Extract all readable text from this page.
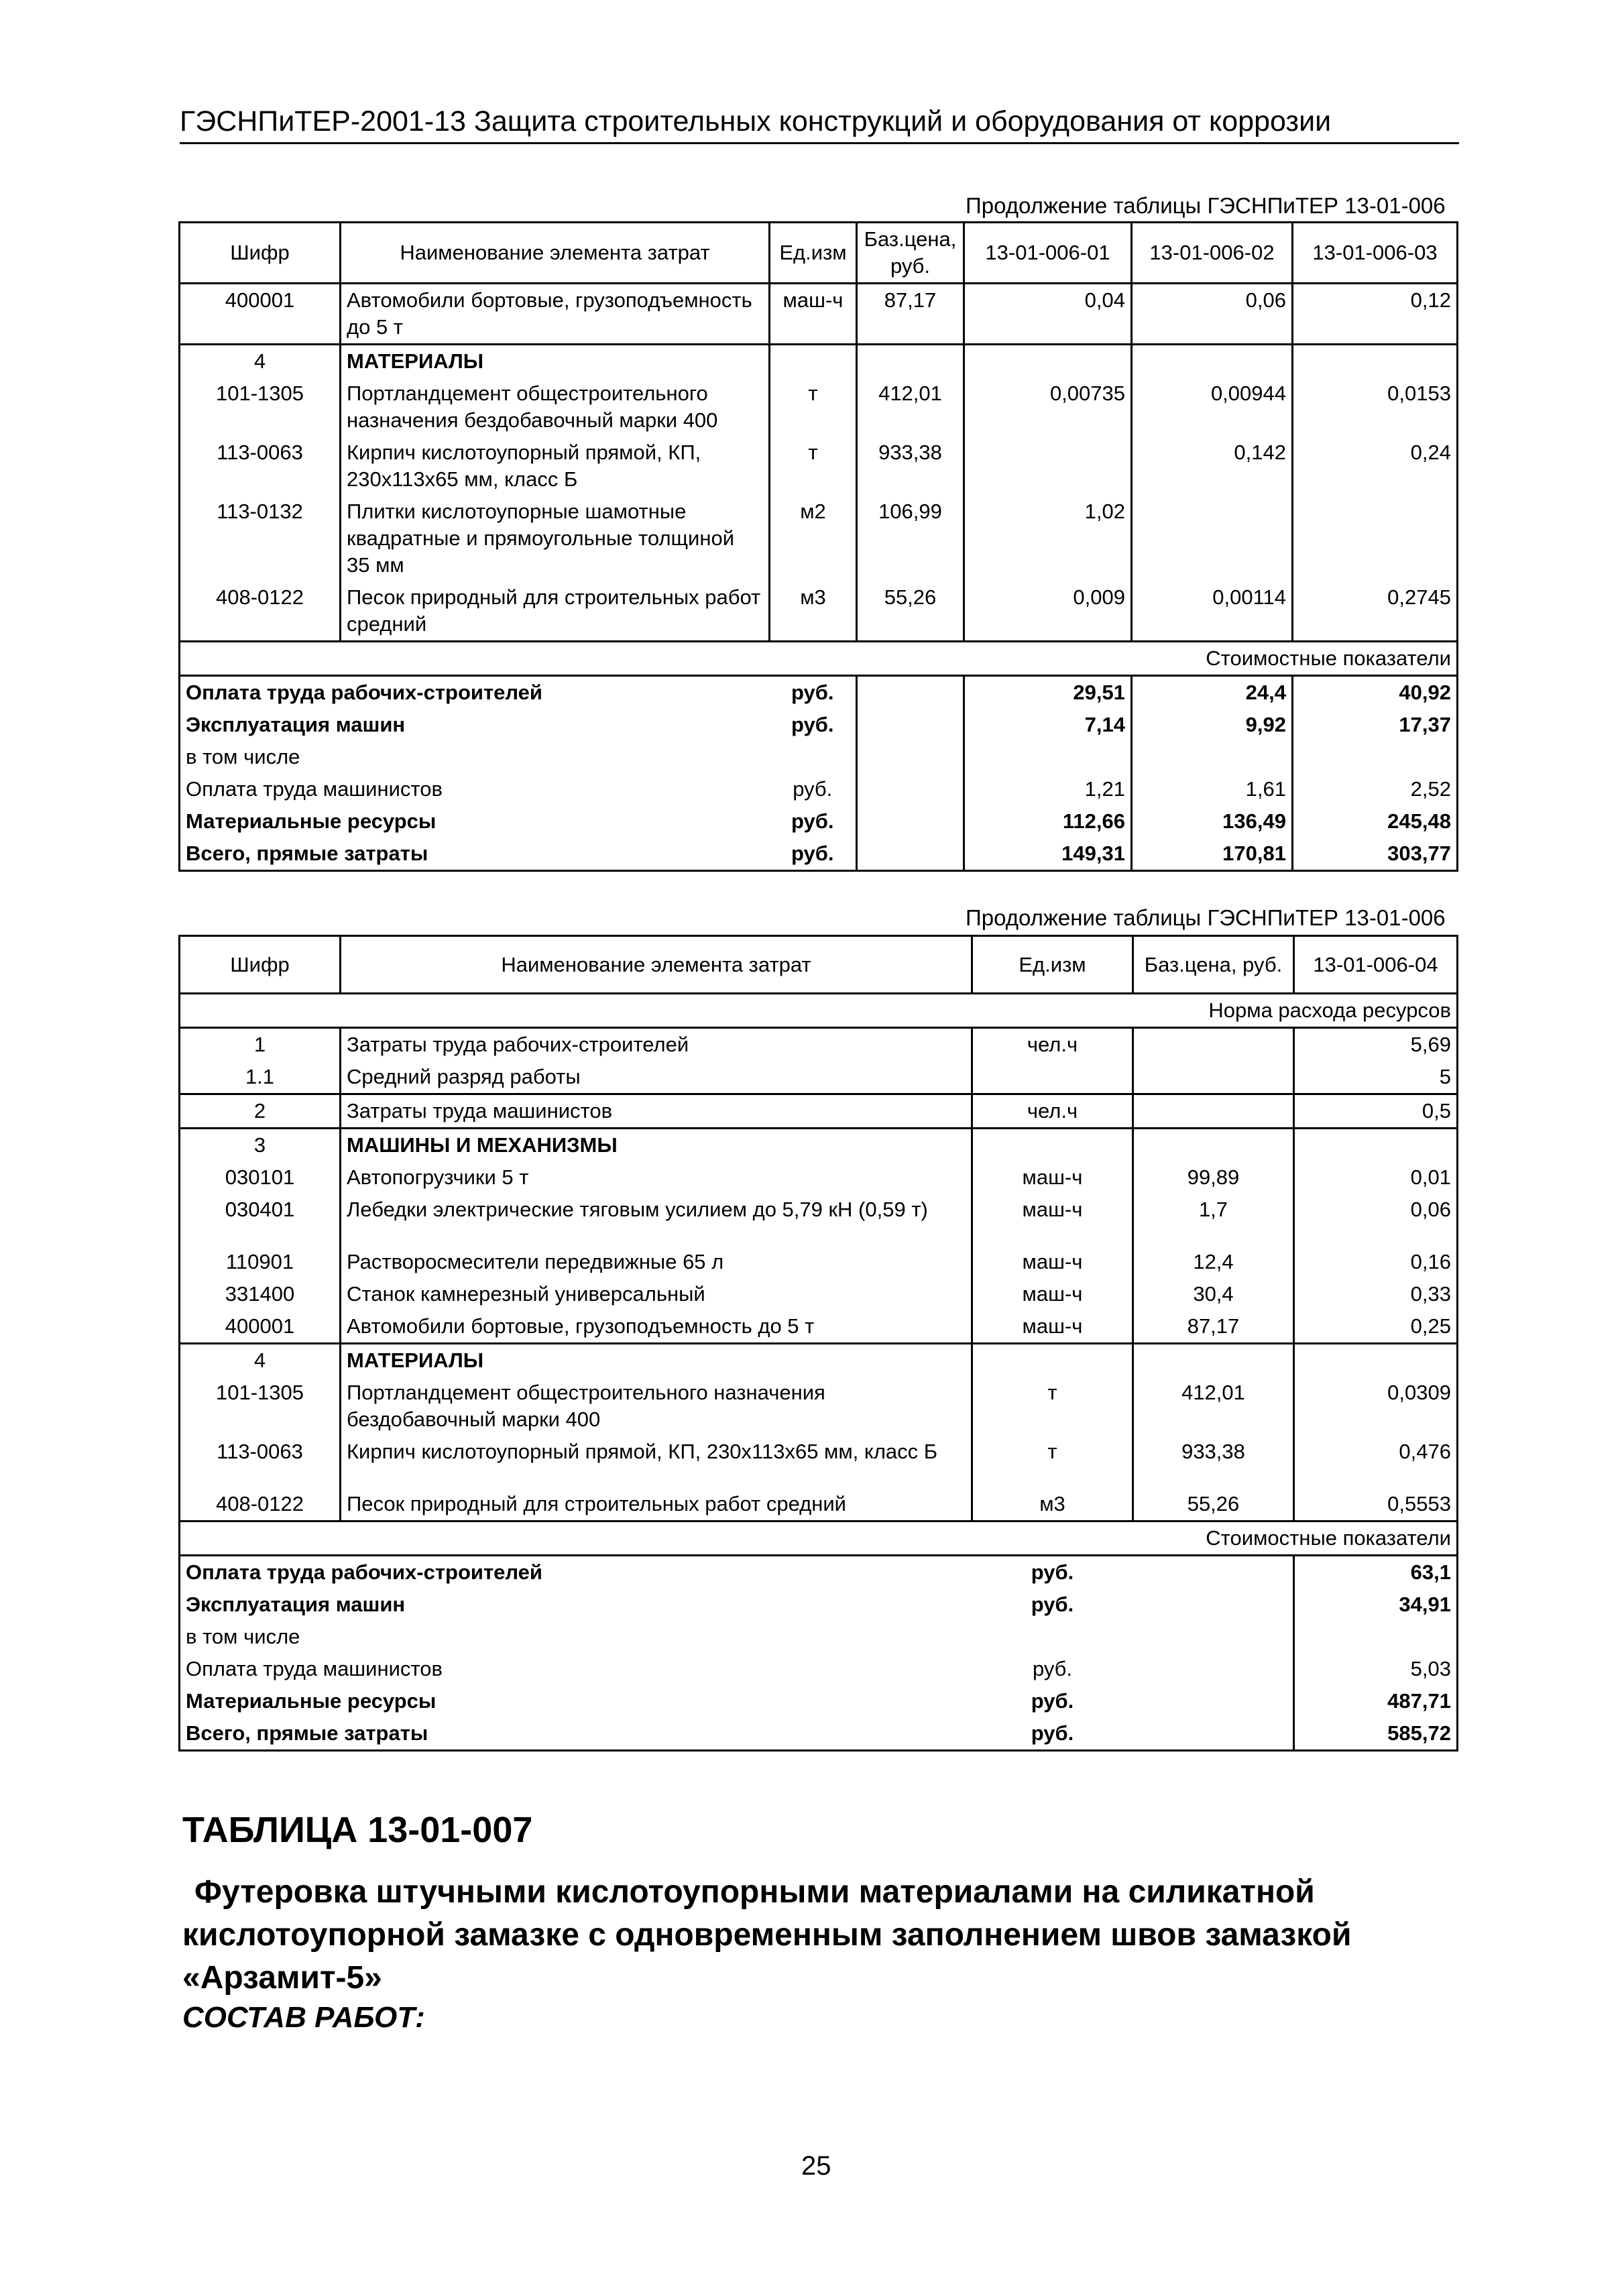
ГЭСНПиТЕР-2001-13 Защита строительных конструкций и оборудования от коррозии
Продолжение таблицы ГЭСНПиТЕР 13-01-006
Шифр	Наименование элемента затрат	Ед.изм	Баз.цена, руб.	13-01-006-01	13-01-006-02	13-01-006-03
400001	Автомобили бортовые, грузоподъемность до 5 т	маш-ч	87,17	0,04	0,06	0,12
4	МАТЕРИАЛЫ					
101-1305	Портландцемент общестроительного назначения бездобавочный марки 400	т	412,01	0,00735	0,00944	0,0153
113-0063	Кирпич кислотоупорный прямой, КП, 230х113х65 мм, класс Б	т	933,38		0,142	0,24
113-0132	Плитки кислотоупорные шамотные квадратные и прямоугольные толщиной 35 мм	м2	106,99	1,02		
408-0122	Песок природный для строительных работ средний	м3	55,26	0,009	0,00114	0,2745
Стоимостные показатели						
Оплата труда рабочих-строителей		руб.		29,51	24,4	40,92
Эксплуатация машин		руб.		7,14	9,92	17,37
в том числе						
Оплата труда машинистов		руб.		1,21	1,61	2,52
Материальные ресурсы		руб.		112,66	136,49	245,48
Всего, прямые затраты		руб.		149,31	170,81	303,77
Продолжение таблицы ГЭСНПиТЕР 13-01-006
Шифр	Наименование элемента затрат	Ед.изм	Баз.цена, руб.	13-01-006-04
Норма расхода ресурсов				
1	Затраты труда рабочих-строителей	чел.ч		5,69
1.1	Средний разряд работы			5
2	Затраты труда машинистов	чел.ч		0,5
3	МАШИНЫ И МЕХАНИЗМЫ			
030101	Автопогрузчики 5 т	маш-ч	99,89	0,01
030401	Лебедки электрические тяговым усилием до 5,79 кН (0,59 т)	маш-ч	1,7	0,06
110901	Растворосмесители передвижные 65 л	маш-ч	12,4	0,16
331400	Станок камнерезный универсальный	маш-ч	30,4	0,33
400001	Автомобили бортовые, грузоподъемность до 5 т	маш-ч	87,17	0,25
4	МАТЕРИАЛЫ			
101-1305	Портландцемент общестроительного назначения бездобавочный марки 400	т	412,01	0,0309
113-0063	Кирпич кислотоупорный прямой, КП, 230х113х65 мм, класс Б	т	933,38	0,476
408-0122	Песок природный для строительных работ средний	м3	55,26	0,5553
Стоимостные показатели				
Оплата труда рабочих-строителей		руб.		63,1
Эксплуатация машин		руб.		34,91
в том числе				
Оплата труда машинистов		руб.		5,03
Материальные ресурсы		руб.		487,71
Всего, прямые затраты		руб.		585,72
ТАБЛИЦА 13-01-007
Футеровка штучными кислотоупорными материалами на силикатной
кислотоупорной замазке с одновременным заполнением швов замазкой
«Арзамит-5»
СОСТАВ РАБОТ:
25
